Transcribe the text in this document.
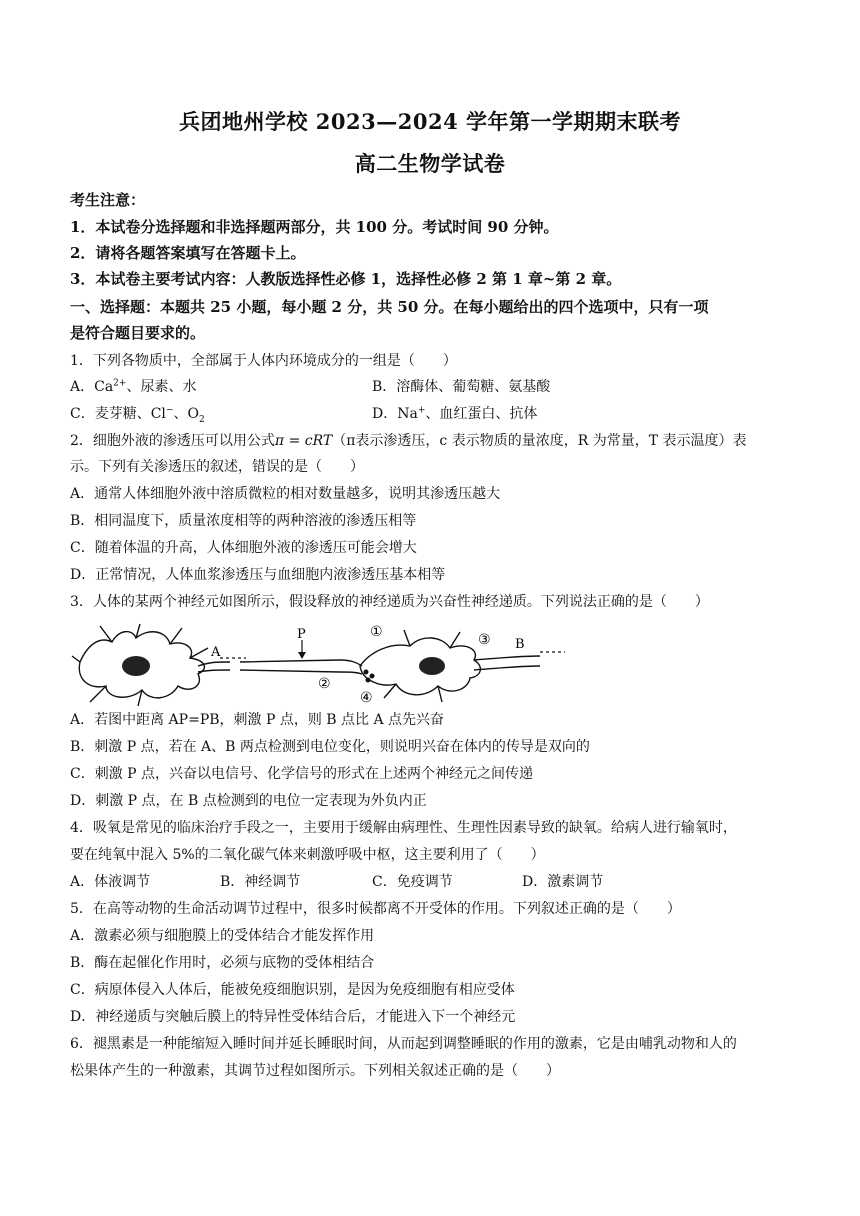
兵团地州学校 2023—2024 学年第一学期期末联考
高二生物学试卷
考生注意：
1．本试卷分选择题和非选择题两部分，共 100 分。考试时间 90 分钟。
2．请将各题答案填写在答题卡上。
3．本试卷主要考试内容：人教版选择性必修 1，选择性必修 2 第 1 章~第 2 章。
一、选择题：本题共 25 小题，每小题 2 分，共 50 分。在每小题给出的四个选项中，只有一项
是符合题目要求的。
1．下列各物质中，全部属于人体内环境成分的一组是（　　）
A．$Ca^{2+}$、尿素、水	B．溶酶体、葡萄糖、氨基酸
C．麦芽糖、Cl−、$O_2$	D．Na+、血红蛋白、抗体
2．细胞外液的渗透压可以用公式π = cRT（π表示渗透压，c 表示物质的量浓度，R 为常量，T 表示温度）表
示。下列有关渗透压的叙述，错误的是（　　）
A．通常人体细胞外液中溶质微粒的相对数量越多，说明其渗透压越大
B．相同温度下，质量浓度相等的两种溶液的渗透压相等
C．随着体温的升高，人体细胞外液的渗透压可能会增大
D．正常情况，人体血浆渗透压与血细胞内液渗透压基本相等
3．人体的某两个神经元如图所示，假设释放的神经递质为兴奋性神经递质。下列说法正确的是（　　）
A
P
B
①
②
③
④
A．若图中距离 AP=PB，刺激 P 点，则 B 点比 A 点先兴奋
B．刺激 P 点，若在 A、B 两点检测到电位变化，则说明兴奋在体内的传导是双向的
C．刺激 P 点，兴奋以电信号、化学信号的形式在上述两个神经元之间传递
D．刺激 P 点，在 B 点检测到的电位一定表现为外负内正
4．吸氧是常见的临床治疗手段之一，主要用于缓解由病理性、生理性因素导致的缺氧。给病人进行输氧时，
要在纯氧中混入 5%的二氧化碳气体来刺激呼吸中枢，这主要利用了（　　）
A．体液调节	B．神经调节	C．免疫调节	D．激素调节
5．在高等动物的生命活动调节过程中，很多时候都离不开受体的作用。下列叙述正确的是（　　）
A．激素必须与细胞膜上的受体结合才能发挥作用
B．酶在起催化作用时，必须与底物的受体相结合
C．病原体侵入人体后，能被免疫细胞识别，是因为免疫细胞有相应受体
D．神经递质与突触后膜上的特异性受体结合后，才能进入下一个神经元
6．褪黑素是一种能缩短入睡时间并延长睡眠时间，从而起到调整睡眠的作用的激素，它是由哺乳动物和人的
松果体产生的一种激素，其调节过程如图所示。下列相关叙述正确的是（　　）
